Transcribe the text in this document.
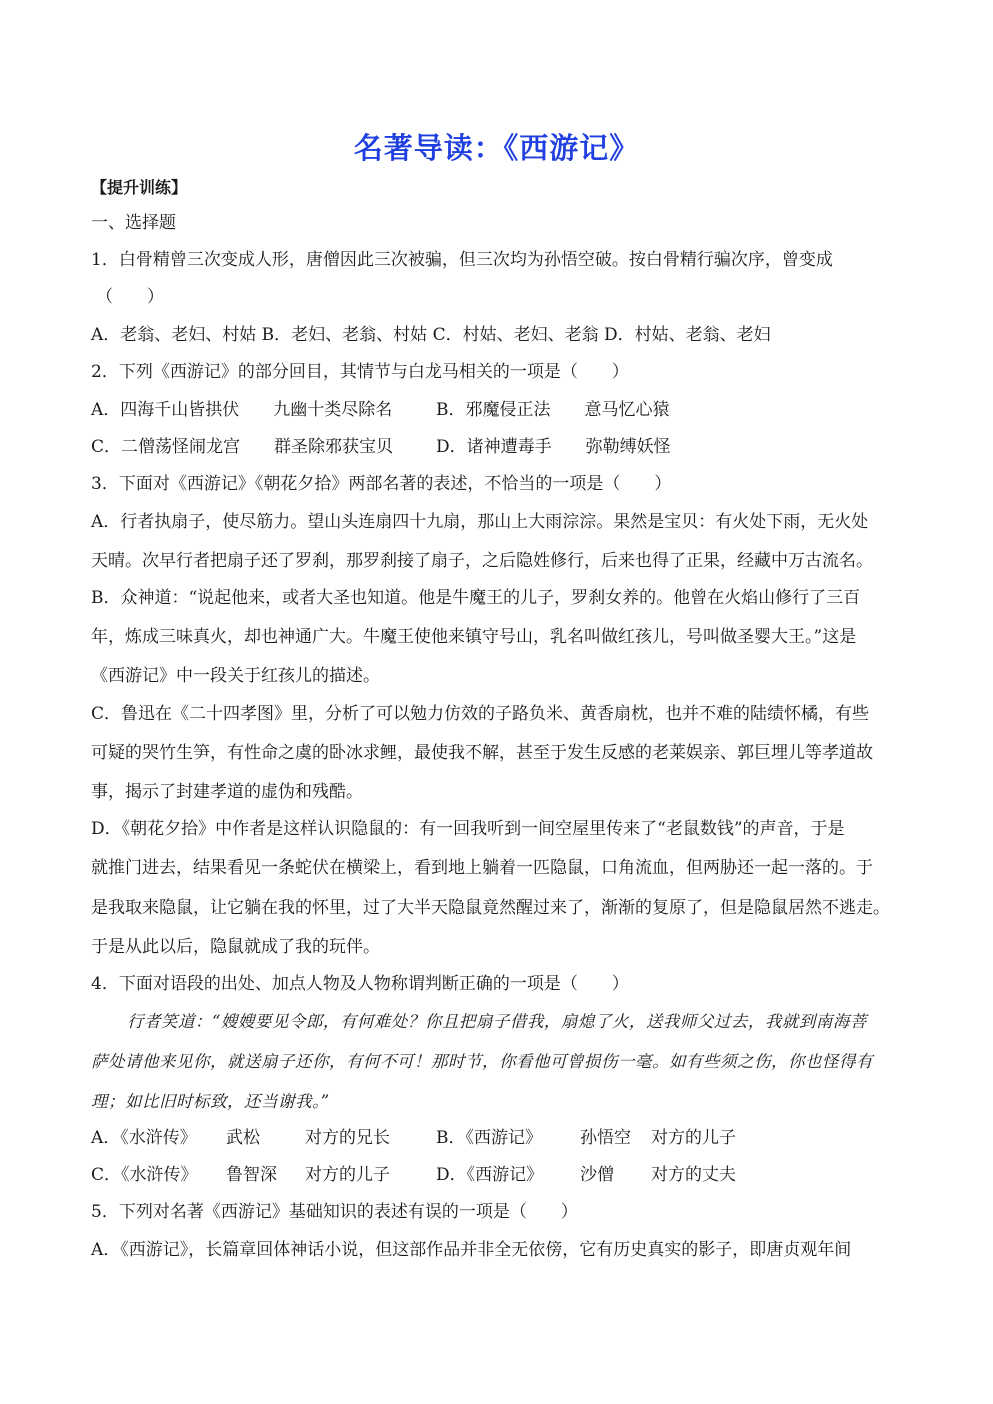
名著导读：《西游记》
【提升训练】
一、选择题
1．白骨精曾三次变成人形，唐僧因此三次被骗，但三次均为孙悟空破。按白骨精行骗次序，曾变成
（　　）
A．老翁、老妇、村姑 B．老妇、老翁、村姑 C．村姑、老妇、老翁 D．村姑、老翁、老妇
2．下列《西游记》的部分回目，其情节与白龙马相关的一项是（　　）
A．四海千山皆拱伏　　九幽十类尽除名	B．邪魔侵正法　　意马忆心猿
C．二僧荡怪闹龙宫　　群圣除邪获宝贝	D．诸神遭毒手　　弥勒缚妖怪
3．下面对《西游记》《朝花夕拾》两部名著的表述，不恰当的一项是（　　）
A．行者执扇子，使尽筋力。望山头连扇四十九扇，那山上大雨淙淙。果然是宝贝：有火处下雨，无火处
天晴。次早行者把扇子还了罗刹，那罗刹接了扇子，之后隐姓修行，后来也得了正果，经藏中万古流名。
B．众神道：“说起他来，或者大圣也知道。他是牛魔王的儿子，罗刹女养的。他曾在火焰山修行了三百
年，炼成三味真火，却也神通广大。牛魔王使他来镇守号山，乳名叫做红孩儿，号叫做圣婴大王。”这是
《西游记》中一段关于红孩儿的描述。
C．鲁迅在《二十四孝图》里，分析了可以勉力仿效的子路负米、黄香扇枕，也并不难的陆绩怀橘，有些
可疑的哭竹生笋，有性命之虞的卧冰求鲤，最使我不解，甚至于发生反感的老莱娱亲、郭巨埋儿等孝道故
事，揭示了封建孝道的虚伪和残酷。
D．《朝花夕拾》中作者是这样认识隐鼠的：有一回我听到一间空屋里传来了“老鼠数钱”的声音，于是
就推门进去，结果看见一条蛇伏在横梁上，看到地上躺着一匹隐鼠，口角流血，但两胁还一起一落的。于
是我取来隐鼠，让它躺在我的怀里，过了大半天隐鼠竟然醒过来了，渐渐的复原了，但是隐鼠居然不逃走。
于是从此以后，隐鼠就成了我的玩伴。
4．下面对语段的出处、加点人物及人物称谓判断正确的一项是（　　）
行者笑道：“嫂嫂要见令郎，有何难处？你且把扇子借我，扇熄了火，送我师父过去，我就到南海菩
萨处请他来见你，就送扇子还你，有何不可！那时节，你看他可曾损伤一毫。如有些须之伤，你也怪得有
理；如比旧时标致，还当谢我。”
A．《水浒传》 武松	对方的兄长	B．《西游记》 孙悟空 对方的儿子
C．《水浒传》 鲁智深 对方的儿子	D．《西游记》 沙僧 对方的丈夫
5．下列对名著《西游记》基础知识的表述有误的一项是（　　）
A．《西游记》，长篇章回体神话小说，但这部作品并非全无依傍，它有历史真实的影子，即唐贞观年间
